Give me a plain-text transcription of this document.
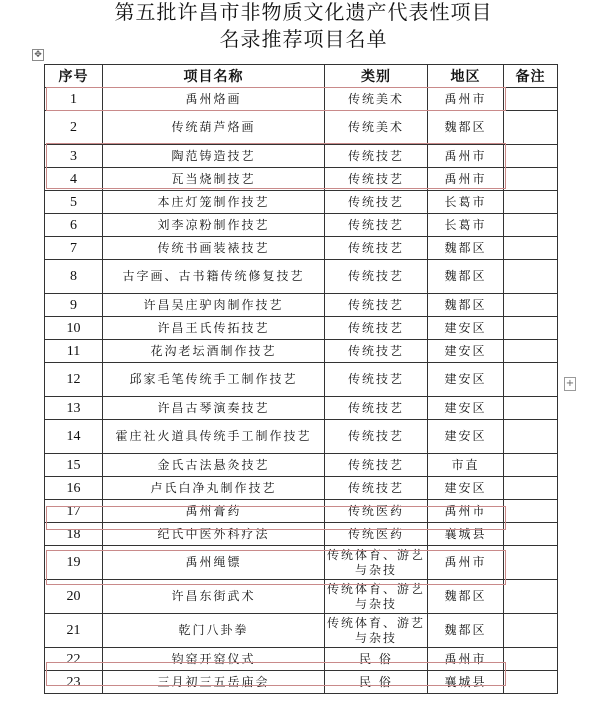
第五批许昌市非物质文化遗产代表性项目
名录推荐项目名单
✥
+
序号	项目名称	类别	地区	备注
1	禹州烙画	传统美术	禹州市	
2	传统葫芦烙画	传统美术	魏都区	
3	陶范铸造技艺	传统技艺	禹州市	
4	瓦当烧制技艺	传统技艺	禹州市	
5	本庄灯笼制作技艺	传统技艺	长葛市	
6	刘李凉粉制作技艺	传统技艺	长葛市	
7	传统书画装裱技艺	传统技艺	魏都区	
8	古字画、古书籍传统修复技艺	传统技艺	魏都区	
9	许昌吴庄驴肉制作技艺	传统技艺	魏都区	
10	许昌王氏传拓技艺	传统技艺	建安区	
11	花沟老坛酒制作技艺	传统技艺	建安区	
12	邱家毛笔传统手工制作技艺	传统技艺	建安区	
13	许昌古琴演奏技艺	传统技艺	建安区	
14	霍庄社火道具传统手工制作技艺	传统技艺	建安区	
15	金氏古法悬灸技艺	传统技艺	市直	
16	卢氏白净丸制作技艺	传统技艺	建安区	
17	禹州膏药	传统医药	禹州市	
18	纪氏中医外科疗法	传统医药	襄城县	
19	禹州绳镖	传统体育、游艺与杂技	禹州市	
20	许昌东街武术	传统体育、游艺与杂技	魏都区	
21	乾门八卦拳	传统体育、游艺与杂技	魏都区	
22	钧窑开窑仪式	民 俗	禹州市	
23	三月初三五岳庙会	民 俗	襄城县	
